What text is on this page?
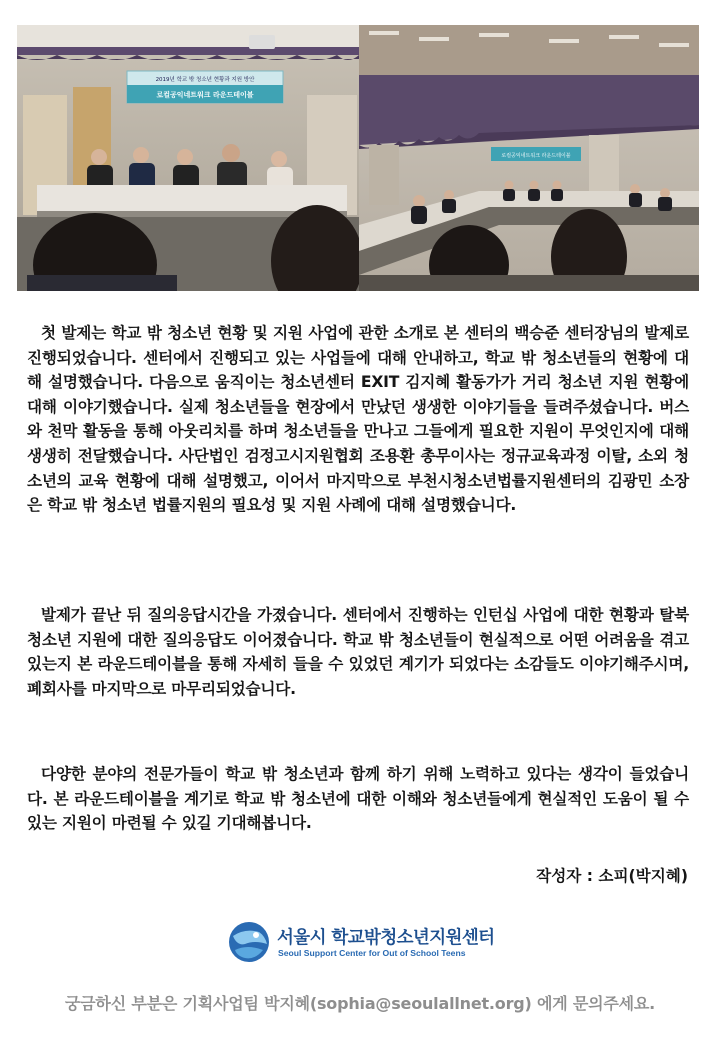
2019년 학교 밖 청소년 현황과 지원 방안
로컬공익네트워크 라운드테이블
로컬공익네트워크 라운드테이블

첫 발제는 학교 밖 청소년 현황 및 지원 사업에 관한 소개로 본 센터의 백승준 센터장님의 발제로 진행되었습니다. 센터에서 진행되고 있는 사업들에 대해 안내하고, 학교 밖 청소년들의 현황에 대해 설명했습니다. 다음으로 움직이는 청소년센터 EXIT 김지혜 활동가가 거리 청소년 지원 현황에 대해 이야기했습니다. 실제 청소년들을 현장에서 만났던 생생한 이야기들을 들려주셨습니다. 버스와 천막 활동을 통해 아웃리치를 하며 청소년들을 만나고 그들에게 필요한 지원이 무엇인지에 대해 생생히 전달했습니다. 사단법인 검정고시지원협회 조용환 총무이사는 정규교육과정 이탈, 소외 청소년의 교육 현황에 대해 설명했고, 이어서 마지막으로 부천시청소년법률지원센터의 김광민 소장은 학교 밖 청소년 법률지원의 필요성 및 지원 사례에 대해 설명했습니다.

발제가 끝난 뒤 질의응답시간을 가졌습니다. 센터에서 진행하는 인턴십 사업에 대한 현황과 탈북 청소년 지원에 대한 질의응답도 이어졌습니다. 학교 밖 청소년들이 현실적으로 어떤 어려움을 겪고 있는지 본 라운드테이블을 통해 자세히 들을 수 있었던 계기가 되었다는 소감들도 이야기해주시며, 폐회사를 마지막으로 마무리되었습니다.

다양한 분야의 전문가들이 학교 밖 청소년과 함께 하기 위해 노력하고 있다는 생각이 들었습니다. 본 라운드테이블을 계기로 학교 밖 청소년에 대한 이해와 청소년들에게 현실적인 도움이 될 수 있는 지원이 마련될 수 있길 기대해봅니다.

작성자 : 소피(박지혜)
서울시 학교밖청소년지원센터
Seoul Support Center for Out of School Teens
궁금하신 부분은 기획사업팀 박지혜(sophia@seoulallnet.org) 에게 문의주세요.
